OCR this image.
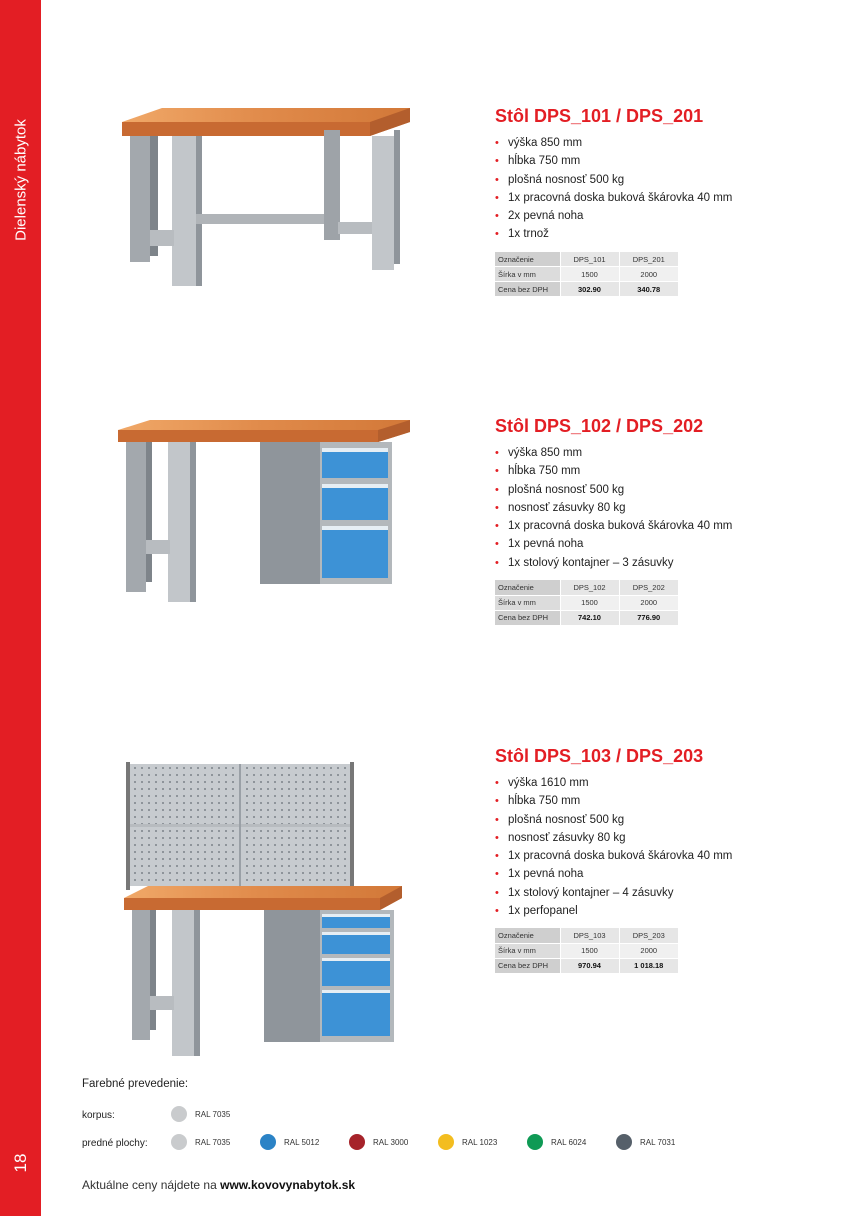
Dielenský nábytok
18
Stôl DPS_101 / DPS_201
• výška 850 mm
• hĺbka 750 mm
• plošná nosnosť 500 kg
• 1x pracovná doska buková škárovka 40 mm
• 2x pevná noha
• 1x trnož
Označenie	DPS_101	DPS_201
Šírka v mm	1500	2000
Cena bez DPH	302.90	340.78
Stôl DPS_102 / DPS_202
• výška 850 mm
• hĺbka 750 mm
• plošná nosnosť 500 kg
• nosnosť zásuvky 80 kg
• 1x pracovná doska buková škárovka 40 mm
• 1x pevná noha
• 1x stolový kontajner – 3 zásuvky
Označenie	DPS_102	DPS_202
Šírka v mm	1500	2000
Cena bez DPH	742.10	776.90
Stôl DPS_103 / DPS_203
• výška 1610 mm
• hĺbka 750 mm
• plošná nosnosť 500 kg
• nosnosť zásuvky 80 kg
• 1x pracovná doska buková škárovka 40 mm
• 1x pevná noha
• 1x stolový kontajner – 4 zásuvky
• 1x perfopanel
Označenie	DPS_103	DPS_203
Šírka v mm	1500	2000
Cena bez DPH	970.94	1 018.18
Farebné prevedenie:
korpus:
predné plochy:
RAL 7035
RAL 7035	RAL 5012	RAL 3000	RAL 1023	RAL 6024	RAL 7031
Aktuálne ceny nájdete na www.kovovynabytok.sk
